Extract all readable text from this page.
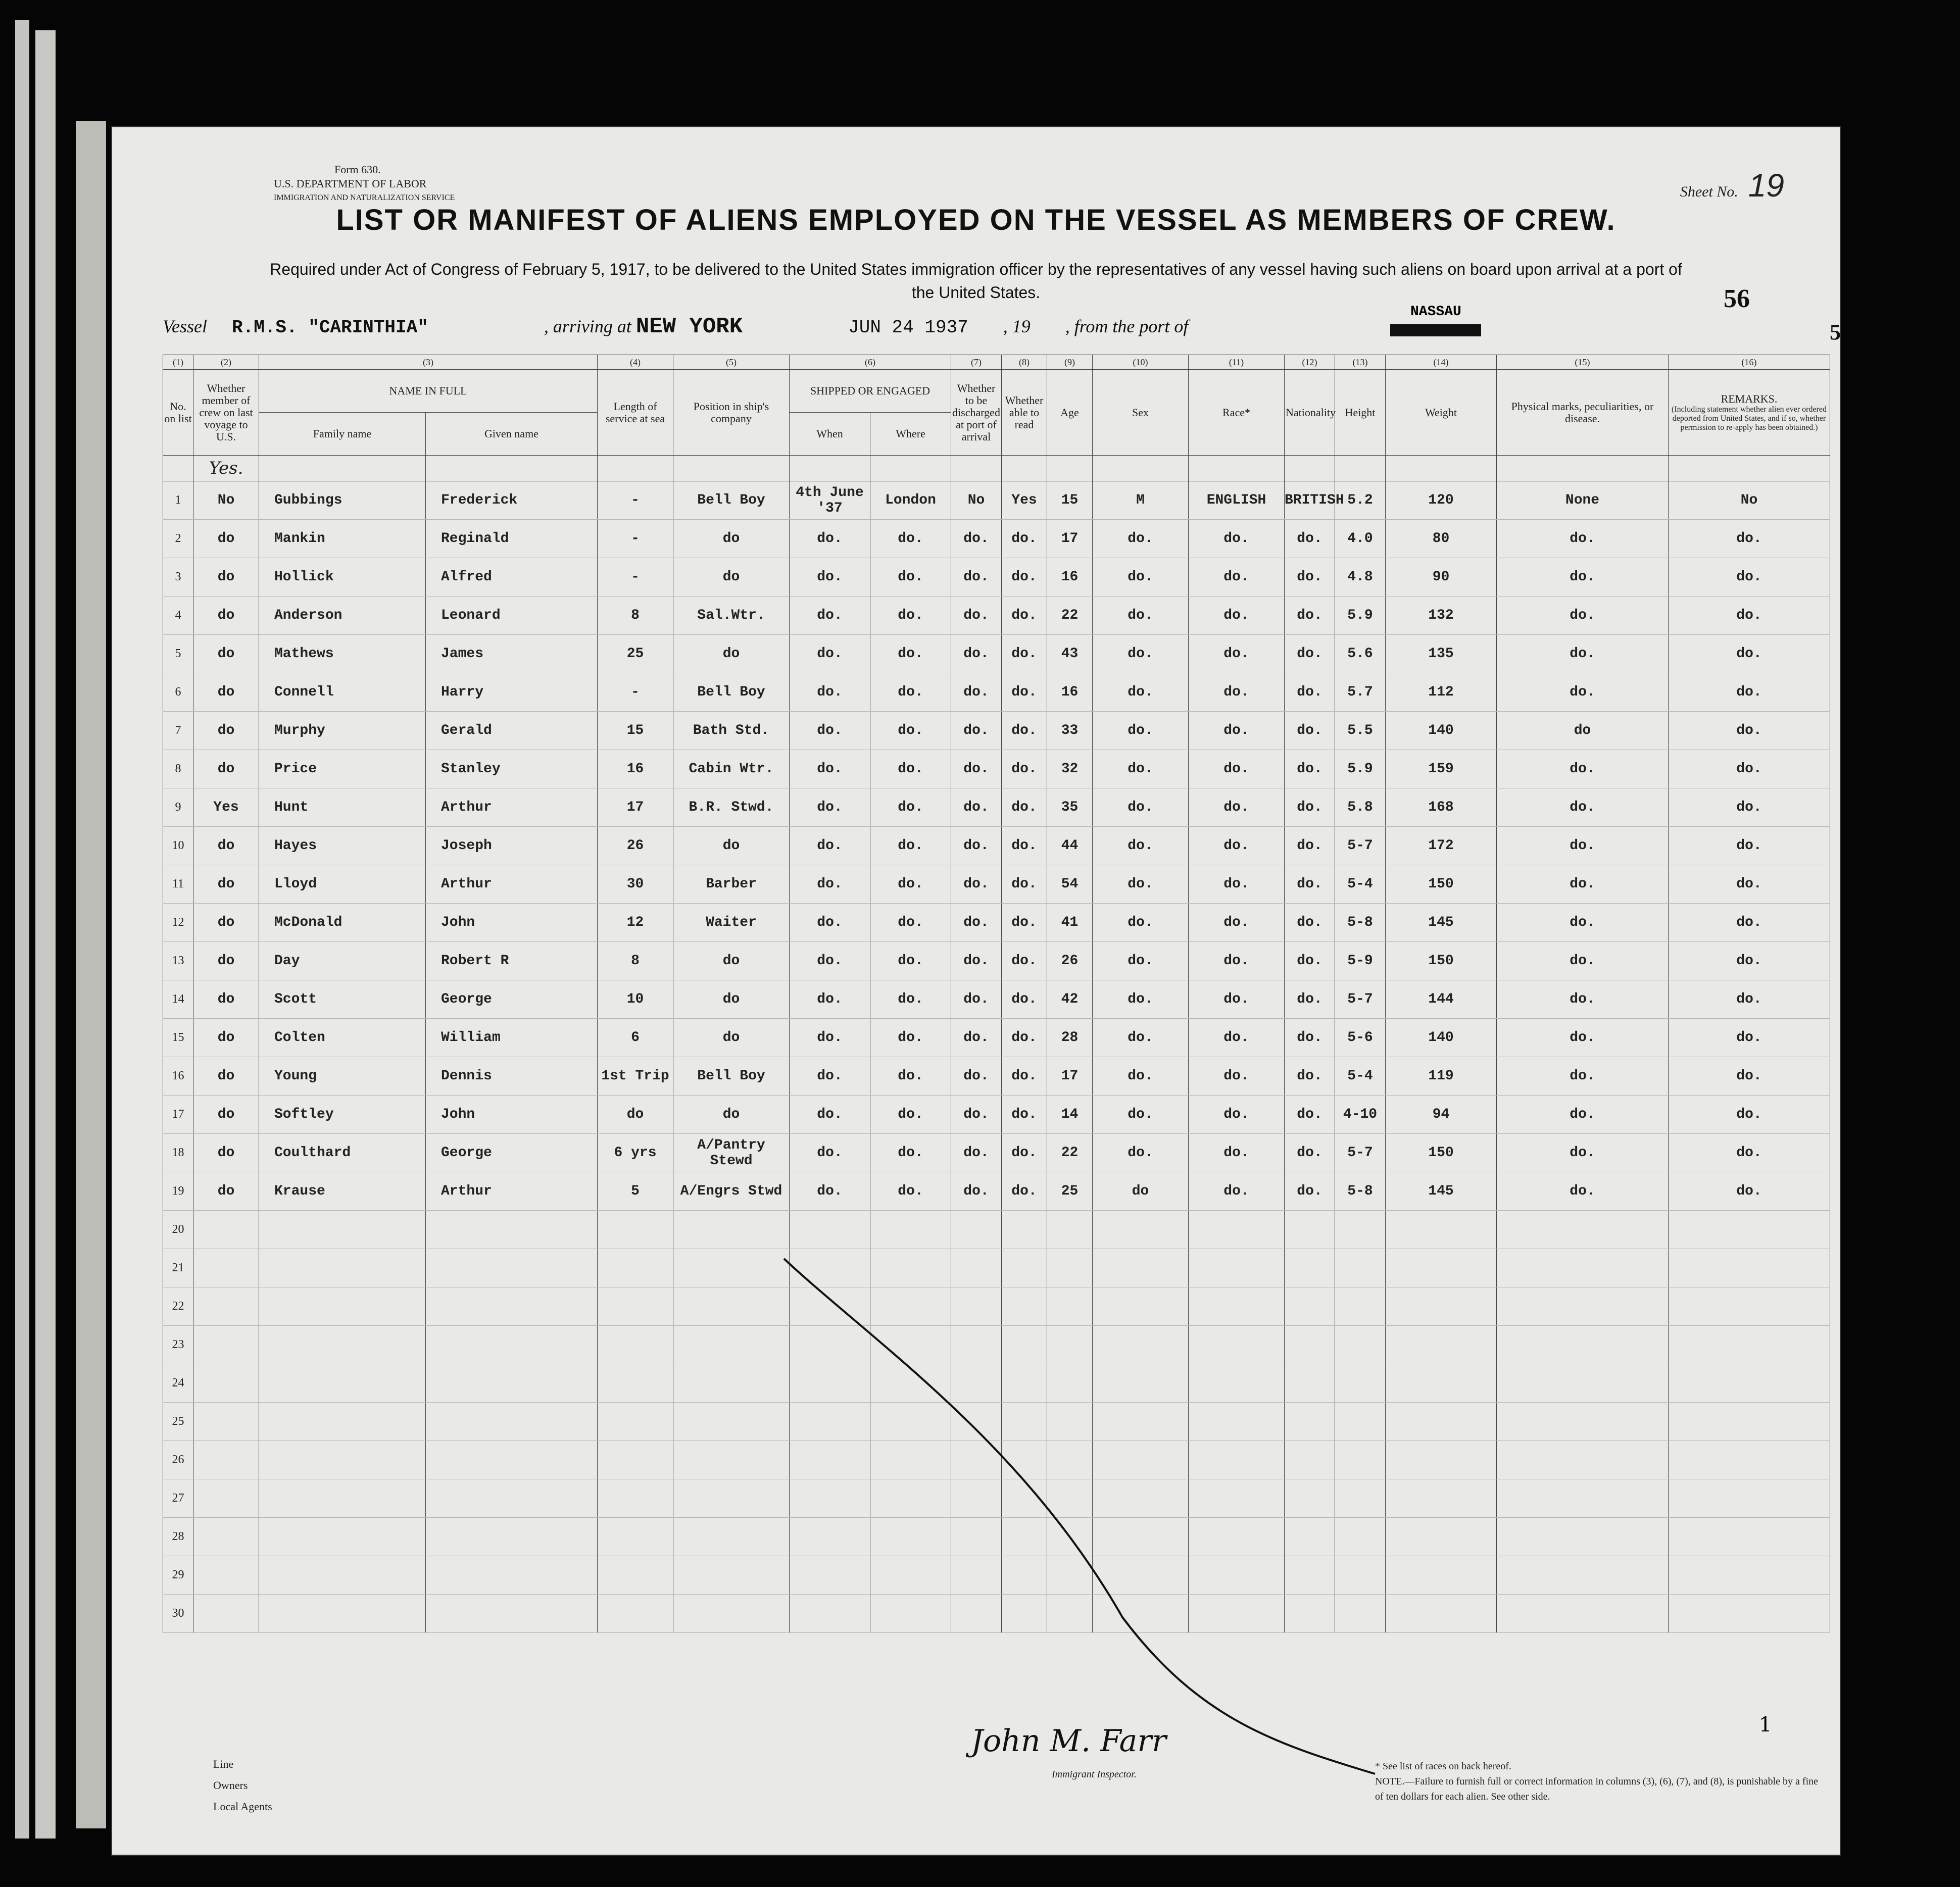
Form 630.
U.S. DEPARTMENT OF LABOR
IMMIGRATION AND NATURALIZATION SERVICE	Sheet No. 19
LIST OR MANIFEST OF ALIENS EMPLOYED ON THE VESSEL AS MEMBERS OF CREW.
Required under Act of Congress of February 5, 1917, to be delivered to the United States immigration officer by the representatives of any vessel having such aliens on board upon arrival at a port of the United States.	56
5
NASSAU
Vessel R.M.S. "CARINTHIA"	, arriving at NEW YORK	JUN 24 1937 , 19 , from the port of
(1)	(2)	(3)		(4)	(5)	(6)		(7)	(8)	(9)	(10)	(11)	(12)	(13)	(14)	(15)	(16)	
No. on list	Whether member of crew on last voyage to U.S.	NAME IN FULL		Length of service at sea	Position in ship's company	SHIPPED OR ENGAGED		Whether to be discharged at port of arrival	Whether able to read	Age	Sex	Race*	Nationality	Height	Weight	Physical marks, peculiarities, or disease.	REMARKS.
(Including statement whether alien ever ordered deported from United States, and if so, whether permission to re-apply has been obtained.)	

		Family name	Given name			When	Where											
	Yes.																	
1	No	Gubbings	Frederick	-	Bell Boy	4th June '37	London	No	Yes	15	M	ENGLISH	BRITISH	5.2	120	None	No	
2	do	Mankin	Reginald	-	do	do.	do.	do.	do.	17	do.	do.	do.	4.0	80	do.	do.	
3	do	Hollick	Alfred	-	do	do.	do.	do.	do.	16	do.	do.	do.	4.8	90	do.	do.	
4	do	Anderson	Leonard	8	Sal.Wtr.	do.	do.	do.	do.	22	do.	do.	do.	5.9	132	do.	do.	
5	do	Mathews	James	25	do	do.	do.	do.	do.	43	do.	do.	do.	5.6	135	do.	do.	
6	do	Connell	Harry	-	Bell Boy	do.	do.	do.	do.	16	do.	do.	do.	5.7	112	do.	do.	
7	do	Murphy	Gerald	15	Bath Std.	do.	do.	do.	do.	33	do.	do.	do.	5.5	140	do	do.	
8	do	Price	Stanley	16	Cabin Wtr.	do.	do.	do.	do.	32	do.	do.	do.	5.9	159	do.	do.	
9	Yes	Hunt	Arthur	17	B.R. Stwd.	do.	do.	do.	do.	35	do.	do.	do.	5.8	168	do.	do.	
10	do	Hayes	Joseph	26	do	do.	do.	do.	do.	44	do.	do.	do.	5-7	172	do.	do.	
11	do	Lloyd	Arthur	30	Barber	do.	do.	do.	do.	54	do.	do.	do.	5-4	150	do.	do.	
12	do	McDonald	John	12	Waiter	do.	do.	do.	do.	41	do.	do.	do.	5-8	145	do.	do.	
13	do	Day	Robert R	8	do	do.	do.	do.	do.	26	do.	do.	do.	5-9	150	do.	do.	
14	do	Scott	George	10	do	do.	do.	do.	do.	42	do.	do.	do.	5-7	144	do.	do.	
15	do	Colten	William	6	do	do.	do.	do.	do.	28	do.	do.	do.	5-6	140	do.	do.	
16	do	Young	Dennis	1st Trip	Bell Boy	do.	do.	do.	do.	17	do.	do.	do.	5-4	119	do.	do.	
17	do	Softley	John	do	do	do.	do.	do.	do.	14	do.	do.	do.	4-10	94	do.	do.	
18	do	Coulthard	George	6 yrs	A/Pantry Stewd	do.	do.	do.	do.	22	do.	do.	do.	5-7	150	do.	do.	
19	do	Krause	Arthur	5	A/Engrs Stwd	do.	do.	do.	do.	25	do	do.	do.	5-8	145	do.	do.	
20																		
21																		
22																		
23																		
24																		
25																		
26																		
27																		
28																		
29																		
30																		
Line
Owners
Local Agents
John M. Farr
Immigrant Inspector.
1
* See list of races on back hereof.
NOTE.—Failure to furnish full or correct information in columns (3), (6), (7), and (8), is punishable by a fine of ten dollars for each alien. See other side.
